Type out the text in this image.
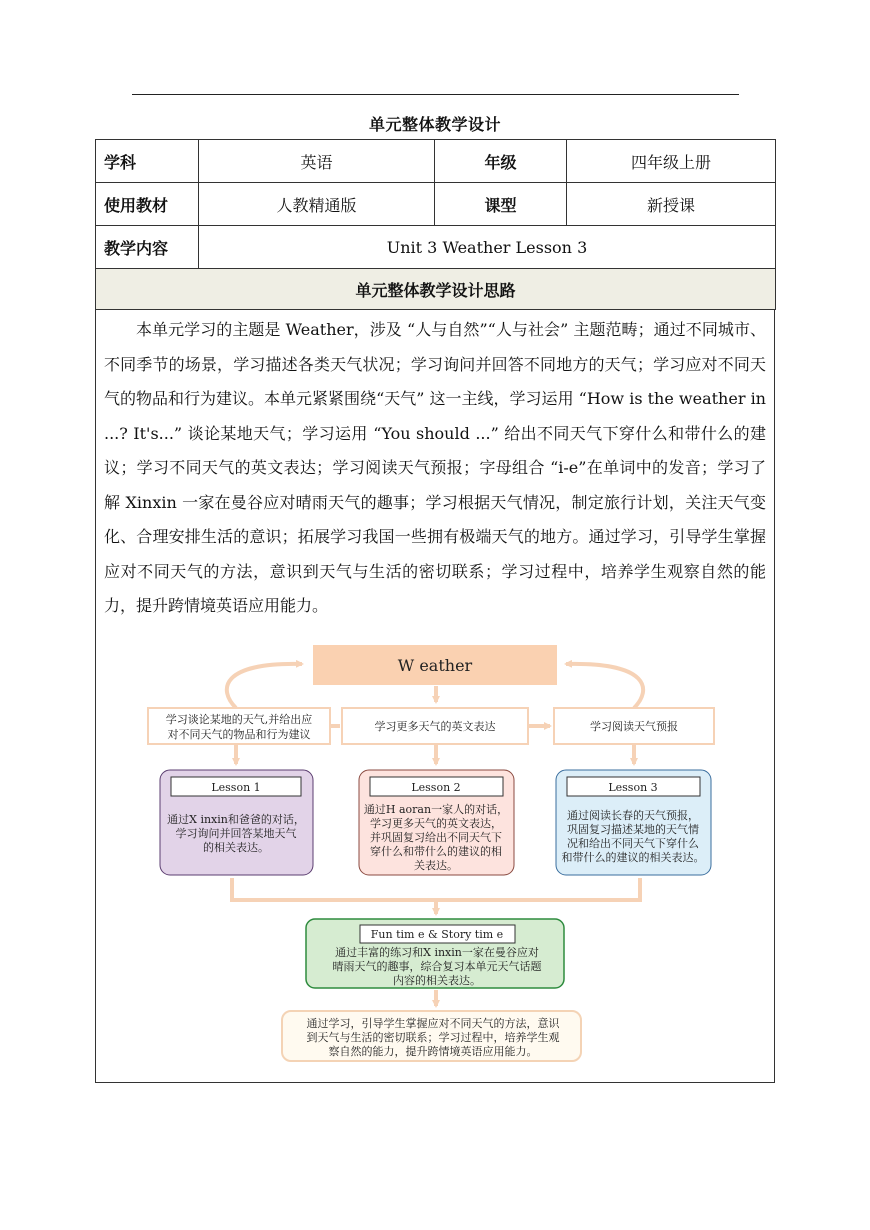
单元整体教学设计
学科	英语	年级	四年级上册
使用教材	人教精通版	课型	新授课
教学内容	Unit 3 Weather Lesson 3		
单元整体教学设计思路			

本单元学习的主题是 Weather，涉及 “人与自然”“人与社会” 主题范畴；通过不同城市、不同季节的场景，学习描述各类天气状况；学习询问并回答不同地方的天气；学习应对不同天气的物品和行为建议。本单元紧紧围绕“天气” 这一主线，学习运用 “How is the weather in ...? It's...” 谈论某地天气；学习运用 “You should ...” 给出不同天气下穿什么和带什么的建议；学习不同天气的英文表达；学习阅读天气预报；字母组合 “i-e”在单词中的发音；学习了解 Xinxin 一家在曼谷应对晴雨天气的趣事；学习根据天气情况，制定旅行计划，关注天气变化、合理安排生活的意识；拓展学习我国一些拥有极端天气的地方。通过学习，引导学生掌握应对不同天气的方法，意识到天气与生活的密切联系；学习过程中，培养学生观察自然的能力，提升跨情境英语应用能力。

W eather
学习谈论某地的天气,并给出应
对不同天气的物品和行为建议
学习更多天气的英文表达	学习阅读天气预报
Lesson 1
通过X inxin和爸爸的对话，
学习询问并回答某地天气
的相关表达。
Lesson 2
通过H aoran一家人的对话，
学习更多天气的英文表达，
并巩固复习给出不同天气下
穿什么和带什么的建议的相
关表达。
Lesson 3
通过阅读长春的天气预报，
巩固复习描述某地的天气情
况和给出不同天气下穿什么
和带什么的建议的相关表达。
Fun tim e & Story tim e
通过丰富的练习和X inxin一家在曼谷应对
晴雨天气的趣事，综合复习本单元天气话题
内容的相关表达。
通过学习，引导学生掌握应对不同天气的方法，意识
到天气与生活的密切联系；学习过程中，培养学生观
察自然的能力，提升跨情境英语应用能力。
